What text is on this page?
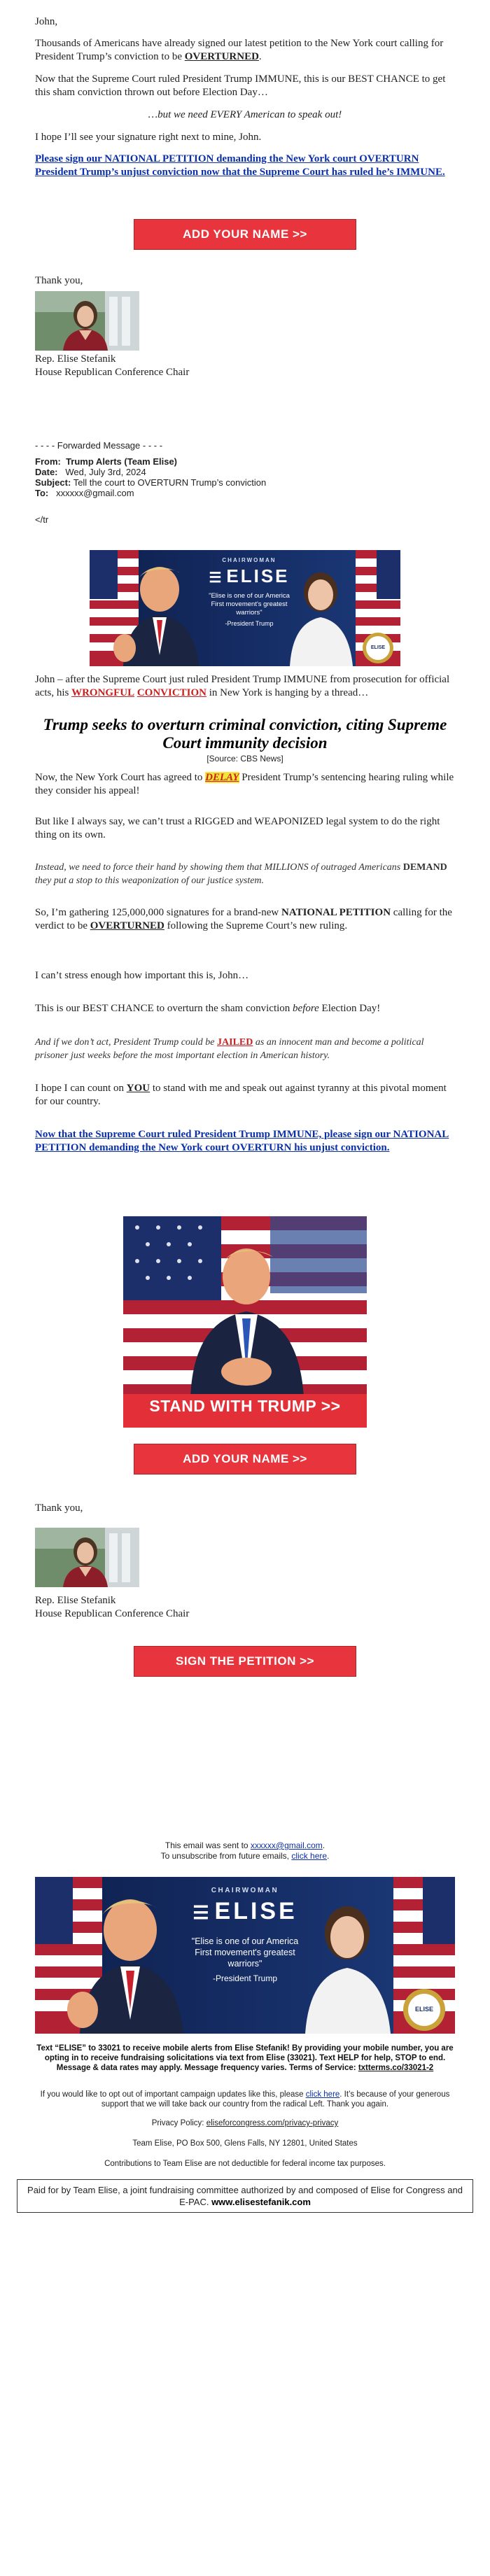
John,

Thousands of Americans have already signed our latest petition to the New York court calling for President Trump’s conviction to be OVERTURNED.

Now that the Supreme Court ruled President Trump IMMUNE, this is our BEST CHANCE to get this sham conviction thrown out before Election Day…

…but we need EVERY American to speak out!

I hope I’ll see your signature right next to mine, John.

Please sign our NATIONAL PETITION demanding the New York court OVERTURN President Trump’s unjust conviction now that the Supreme Court has ruled he’s IMMUNE.

ADD YOUR NAME >>

Thank you,

Rep. Elise Stefanik

House Republican Conference Chair

- - - - Forwarded Message - - - -
From: Trump Alerts (Team Elise)
Date: Wed, July 3rd, 2024
Subject: Tell the court to OVERTURN Trump’s conviction
To: xxxxxx@gmail.com
</tr
CHAIRWOMAN
☰ ELISE
"Elise is one of our America First movement's greatest warriors"
-President Trump
ELISE

John – after the Supreme Court just ruled President Trump IMMUNE from prosecution for official acts, his WRONGFUL CONVICTION in New York is hanging by a thread…

Trump seeks to overturn criminal conviction, citing Supreme Court immunity decision
[Source: CBS News]

Now, the New York Court has agreed to DELAY President Trump’s sentencing hearing ruling while they consider his appeal!

But like I always say, we can’t trust a RIGGED and WEAPONIZED legal system to do the right thing on its own.

Instead, we need to force their hand by showing them that MILLIONS of outraged Americans DEMAND they put a stop to this weaponization of our justice system.

So, I’m gathering 125,000,000 signatures for a brand-new NATIONAL PETITION calling for the verdict to be OVERTURNED following the Supreme Court’s new ruling.

I can’t stress enough how important this is, John…

This is our BEST CHANCE to overturn the sham conviction before Election Day!

And if we don’t act, President Trump could be JAILED as an innocent man and become a political prisoner just weeks before the most important election in American history.

I hope I can count on YOU to stand with me and speak out against tyranny at this pivotal moment for our country.

Now that the Supreme Court ruled President Trump IMMUNE, please sign our NATIONAL PETITION demanding the New York court OVERTURN his unjust conviction.

STAND WITH TRUMP >>
ADD YOUR NAME >>

Thank you,

Rep. Elise Stefanik

House Republican Conference Chair

SIGN THE PETITION >>
This email was sent to xxxxxx@gmail.com.
To unsubscribe from future emails, click here.
CHAIRWOMAN
☰ ELISE
"Elise is one of our America First movement's greatest warriors"
-President Trump
ELISE
Text “ELISE” to 33021 to receive mobile alerts from Elise Stefanik! By providing your mobile number, you are opting in to receive fundraising solicitations via text from Elise (33021). Text HELP for help, STOP to end. Message & data rates may apply. Message frequency varies. Terms of Service: txtterms.co/33021-2
If you would like to opt out of important campaign updates like this, please click here. It’s because of your generous support that we will take back our country from the radical Left. Thank you again.
Privacy Policy: eliseforcongress.com/privacy-privacy
Team Elise, PO Box 500, Glens Falls, NY 12801, United States
Contributions to Team Elise are not deductible for federal income tax purposes.
Paid for by Team Elise, a joint fundraising committee authorized by and composed of Elise for Congress and E-PAC. www.elisestefanik.com
